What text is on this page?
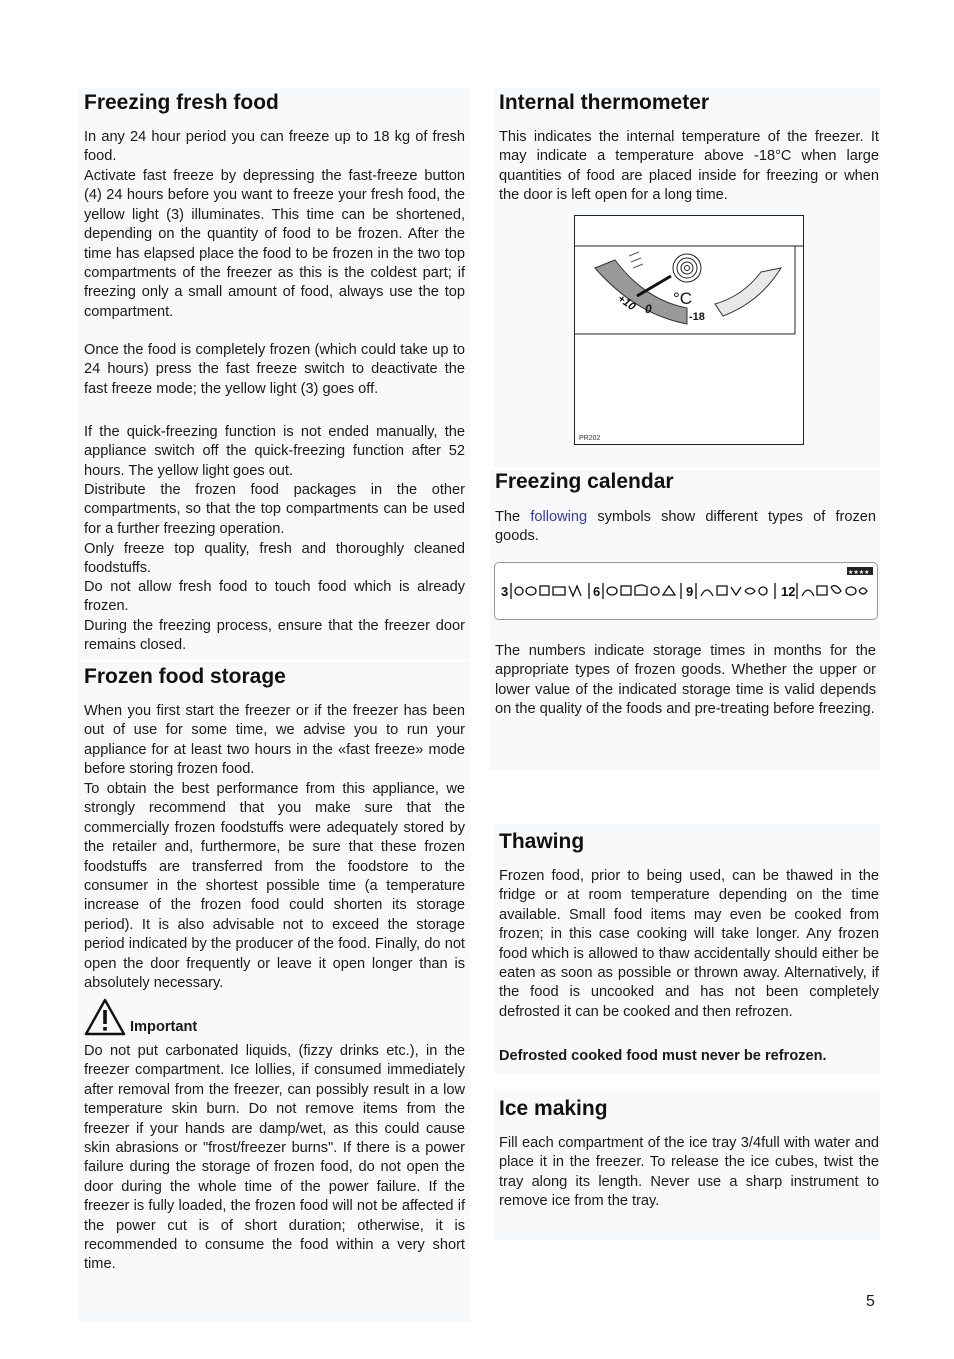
Freezing fresh food

In any 24 hour period you can freeze up to 18 kg of fresh food.

Activate fast freeze by depressing the fast-freeze button (4) 24 hours before you want to freeze your fresh food, the yellow light (3) illuminates. This time can be shortened, depending on the quantity of food to be frozen. After the time has elapsed place the food to be frozen in the two top compartments of the freezer as this is the coldest part; if freezing only a small amount of food, always use the top compartment.

Once the food is completely frozen (which could take up to 24 hours) press the fast freeze switch to deactivate the fast freeze mode; the yellow light (3) goes off.

If the quick-freezing function is not ended manually, the appliance switch off the quick-freezing function after 52 hours. The yellow light goes out.

Distribute the frozen food packages in the other compartments, so that the top compartments can be used for a further freezing operation.

Only freeze top quality, fresh and thoroughly cleaned foodstuffs.

Do not allow fresh food to touch food which is already frozen.

During the freezing process, ensure that the freezer door remains closed.

Frozen food storage

When you first start the freezer or if the freezer has been out of use for some time, we advise you to run your appliance for at least two hours in the «fast freeze» mode before storing frozen food.

To obtain the best performance from this appliance, we strongly recommend that you make sure that the commercially frozen foodstuffs were adequately stored by the retailer and, furthermore, be sure that these frozen foodstuffs are transferred from the foodstore to the consumer in the shortest possible time (a temperature increase of the frozen food could shorten its storage period). It is also advisable not to exceed the storage period indicated by the producer of the food. Finally, do not open the door frequently or leave it open longer than is absolutely necessary.

Important

Do not put carbonated liquids, (fizzy drinks etc.), in the freezer compartment. Ice lollies, if consumed immediately after removal from the freezer, can possibly result in a low temperature skin burn. Do not remove items from the freezer if your hands are damp/wet, as this could cause skin abrasions or "frost/freezer burns". If there is a power failure during the storage of frozen food, do not open the door during the whole time of the power failure. If the freezer is fully loaded, the frozen food will not be affected if the power cut is of short duration; otherwise, it is recommended to consume the food within a very short time.

Internal thermometer

This indicates the internal temperature of the freezer. It may indicate a temperature above -18°C when large quantities of food are placed inside for freezing or when the door is left open for a long time.

+10 0
°C
-18
PR202
Freezing calendar

The following symbols show different types of frozen goods.

★★★★
3	6	9	12

The numbers indicate storage times in months for the appropriate types of frozen goods. Whether the upper or lower value of the indicated storage time is valid depends on the quality of the foods and pre-treating before freezing.

Thawing

Frozen food, prior to being used, can be thawed in the fridge or at room temperature depending on the time available. Small food items may even be cooked from frozen; in this case cooking will take longer. Any frozen food which is allowed to thaw accidentally should either be eaten as soon as possible or thrown away. Alternatively, if the food is uncooked and has not been completely defrosted it can be cooked and then refrozen.

Defrosted cooked food must never be refrozen.

Ice making

Fill each compartment of the ice tray 3/4full with water and place it in the freezer. To release the ice cubes, twist the tray along its length. Never use a sharp instrument to remove ice from the tray.

5
